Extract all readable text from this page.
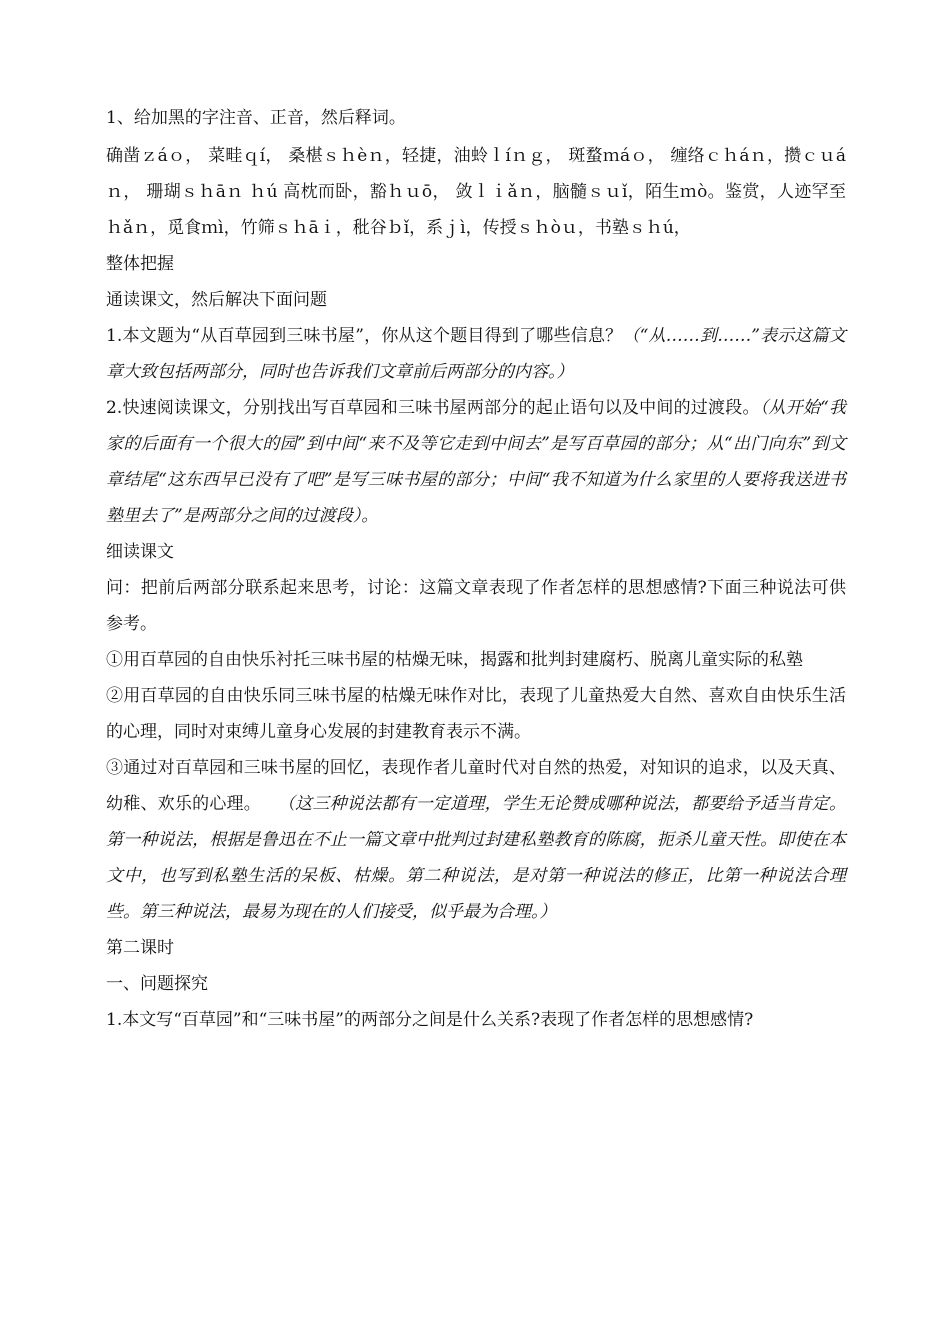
1、给加黑的字注音、正音，然后释词。

确凿ｚáｏ， 菜畦ｑí， 桑椹ｓｈèｎ，轻捷，油蛉ｌíｎｇ， 斑蝥ｍáｏ， 缠络ｃｈáｎ，攒ｃｕáｎ， 珊瑚ｓｈāｎ ｈú 高枕而卧，豁ｈｕō， 敛ｌｉǎｎ，脑髓ｓｕǐ，陌生ｍò。鉴赏，人迹罕至ｈǎｎ，觅食ｍì，竹筛ｓｈāｉ，秕谷ｂǐ，系ｊì，传授ｓｈòｕ，书塾ｓｈú，

整体把握

通读课文，然后解决下面问题

1.本文题为“从百草园到三味书屋”，你从这个题目得到了哪些信息？（“从……到……”表示这篇文章大致包括两部分，同时也告诉我们文章前后两部分的内容。）

2.快速阅读课文，分别找出写百草园和三味书屋两部分的起止语句以及中间的过渡段。（从开始“我家的后面有一个很大的园”到中间“来不及等它走到中间去”是写百草园的部分；从“出门向东”到文章结尾“这东西早已没有了吧”是写三味书屋的部分；中间“我不知道为什么家里的人要将我送进书塾里去了”是两部分之间的过渡段）。

细读课文

问：把前后两部分联系起来思考，讨论：这篇文章表现了作者怎样的思想感情?下面三种说法可供参考。

①用百草园的自由快乐衬托三味书屋的枯燥无味，揭露和批判封建腐朽、脱离儿童实际的私塾

②用百草园的自由快乐同三味书屋的枯燥无味作对比，表现了儿童热爱大自然、喜欢自由快乐生活的心理，同时对束缚儿童身心发展的封建教育表示不满。

③通过对百草园和三味书屋的回忆，表现作者儿童时代对自然的热爱，对知识的追求，以及天真、幼稚、欢乐的心理。 （这三种说法都有一定道理，学生无论赞成哪种说法，都要给予适当肯定。第一种说法，根据是鲁迅在不止一篇文章中批判过封建私塾教育的陈腐，扼杀儿童天性。即使在本文中，也写到私塾生活的呆板、枯燥。第二种说法，是对第一种说法的修正，比第一种说法合理些。第三种说法，最易为现在的人们接受，似乎最为合理。）

第二课时

一、问题探究

1.本文写“百草园”和“三味书屋”的两部分之间是什么关系?表现了作者怎样的思想感情?
